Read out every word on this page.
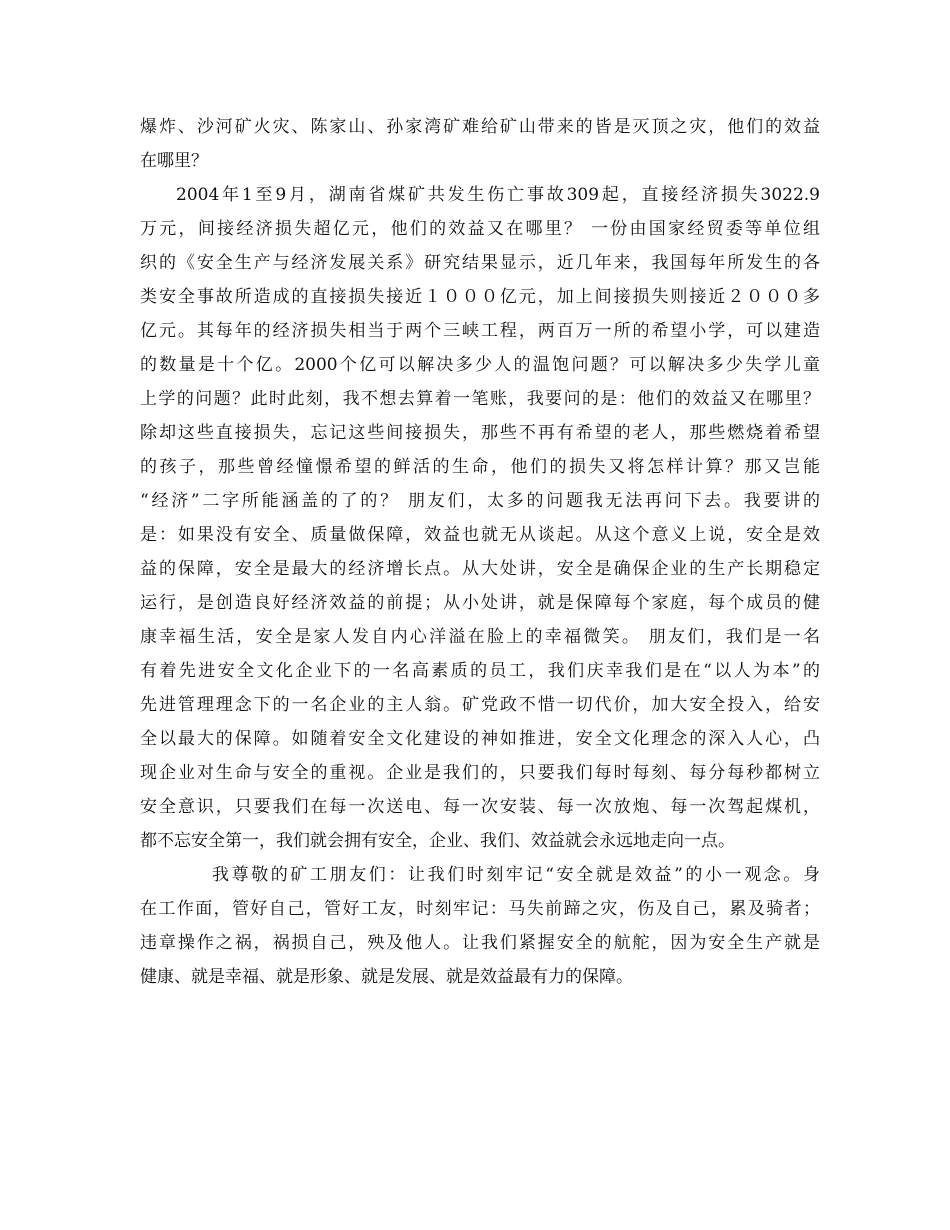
爆炸、沙河矿火灾、陈家山、孙家湾矿难给矿山带来的皆是灭顶之灾，他们的效益
在哪里？
2004年1至9月，湖南省煤矿共发生伤亡事故309起，直接经济损失3022.9
万元，间接经济损失超亿元，他们的效益又在哪里？ 一份由国家经贸委等单位组
织的《安全生产与经济发展关系》研究结果显示，近几年来，我国每年所发生的各
类安全事故所造成的直接损失接近１０００亿元，加上间接损失则接近２０００多
亿元。其每年的经济损失相当于两个三峡工程，两百万一所的希望小学，可以建造
的数量是十个亿。2000个亿可以解决多少人的温饱问题？可以解决多少失学儿童
上学的问题？此时此刻，我不想去算着一笔账，我要问的是：他们的效益又在哪里？
除却这些直接损失，忘记这些间接损失，那些不再有希望的老人，那些燃烧着希望
的孩子，那些曾经憧憬希望的鲜活的生命，他们的损失又将怎样计算？那又岂能
“经济”二字所能涵盖的了的？ 朋友们，太多的问题我无法再问下去。我要讲的
是：如果没有安全、质量做保障，效益也就无从谈起。从这个意义上说，安全是效
益的保障，安全是最大的经济增长点。从大处讲，安全是确保企业的生产长期稳定
运行，是创造良好经济效益的前提；从小处讲，就是保障每个家庭，每个成员的健
康幸福生活，安全是家人发自内心洋溢在脸上的幸福微笑。 朋友们，我们是一名
有着先进安全文化企业下的一名高素质的员工，我们庆幸我们是在“以人为本”的
先进管理理念下的一名企业的主人翁。矿党政不惜一切代价，加大安全投入，给安
全以最大的保障。如随着安全文化建设的神如推进，安全文化理念的深入人心，凸
现企业对生命与安全的重视。企业是我们的，只要我们每时每刻、每分每秒都树立
安全意识，只要我们在每一次送电、每一次安装、每一次放炮、每一次驾起煤机，
都不忘安全第一，我们就会拥有安全，企业、我们、效益就会永远地走向一点。
我尊敬的矿工朋友们：让我们时刻牢记“安全就是效益”的小一观念。身
在工作面，管好自己，管好工友，时刻牢记：马失前蹄之灾，伤及自己，累及骑者；
违章操作之祸，祸损自己，殃及他人。让我们紧握安全的航舵，因为安全生产就是
健康、就是幸福、就是形象、就是发展、就是效益最有力的保障。
